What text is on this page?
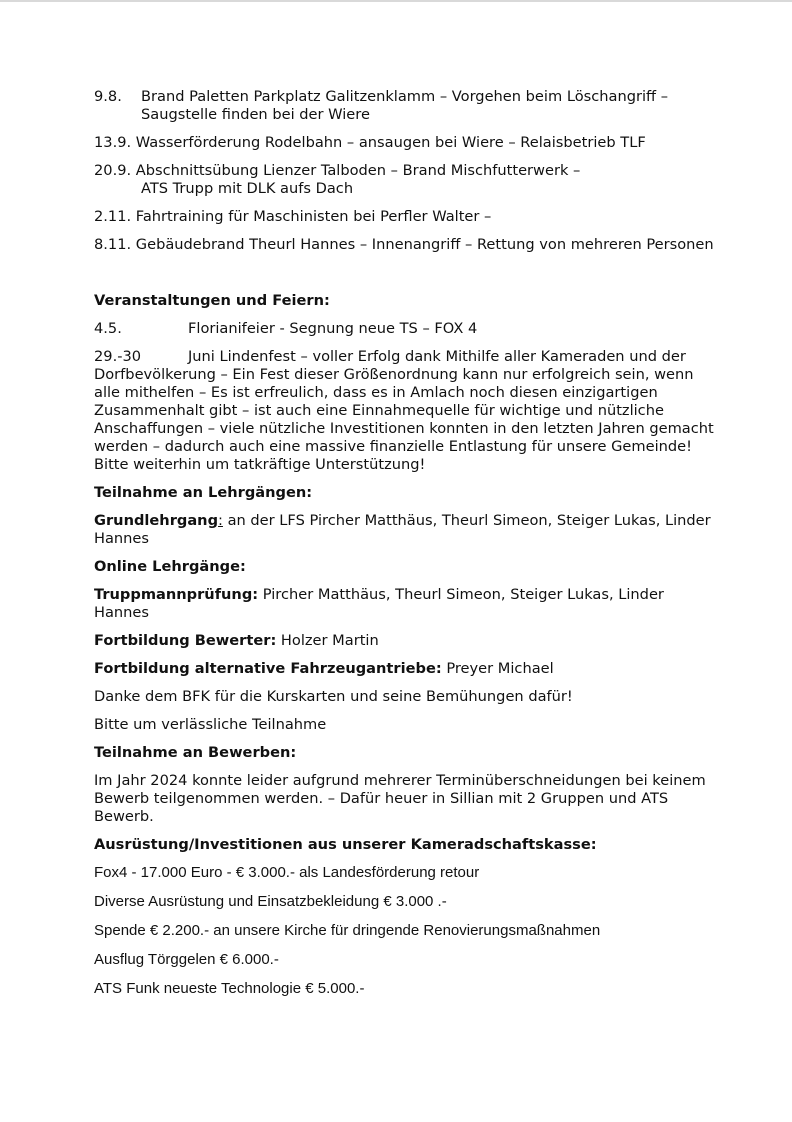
9.8. Brand Paletten Parkplatz Galitzenklamm – Vorgehen beim Löschangriff –
Saugstelle finden bei der Wiere
13.9. Wasserförderung Rodelbahn – ansaugen bei Wiere – Relaisbetrieb TLF
20.9. Abschnittsübung Lienzer Talboden – Brand Mischfutterwerk –
ATS Trupp mit DLK aufs Dach
2.11. Fahrtraining für Maschinisten bei Perfler Walter –
8.11. Gebäudebrand Theurl Hannes – Innenangriff – Rettung von mehreren Personen
Veranstaltungen und Feiern:
4.5.	Florianifeier - Segnung neue TS – FOX 4
29.-30	Juni Lindenfest – voller Erfolg dank Mithilfe aller Kameraden und der Dorfbevölkerung – Ein Fest dieser Größenordnung kann nur erfolgreich sein, wenn alle mithelfen – Es ist erfreulich, dass es in Amlach noch diesen einzigartigen Zusammenhalt gibt – ist auch eine Einnahmequelle für wichtige und nützliche Anschaffungen – viele nützliche Investitionen konnten in den letzten Jahren gemacht werden – dadurch auch eine massive finanzielle Entlastung für unsere Gemeinde! Bitte weiterhin um tatkräftige Unterstützung!
Teilnahme an Lehrgängen:
Grundlehrgang: an der LFS Pircher Matthäus, Theurl Simeon, Steiger Lukas, Linder Hannes
Online Lehrgänge:
Truppmannprüfung: Pircher Matthäus, Theurl Simeon, Steiger Lukas, Linder Hannes
Fortbildung Bewerter: Holzer Martin
Fortbildung alternative Fahrzeugantriebe: Preyer Michael
Danke dem BFK für die Kurskarten und seine Bemühungen dafür!
Bitte um verlässliche Teilnahme
Teilnahme an Bewerben:
Im Jahr 2024 konnte leider aufgrund mehrerer Terminüberschneidungen bei keinem Bewerb teilgenommen werden. – Dafür heuer in Sillian mit 2 Gruppen und ATS Bewerb.
Ausrüstung/Investitionen aus unserer Kameradschaftskasse:
Fox4 - 17.000 Euro - € 3.000.- als Landesförderung retour
Diverse Ausrüstung und Einsatzbekleidung € 3.000 .-
Spende € 2.200.- an unsere Kirche für dringende Renovierungsmaßnahmen
Ausflug Törggelen € 6.000.-
ATS Funk neueste Technologie € 5.000.-
